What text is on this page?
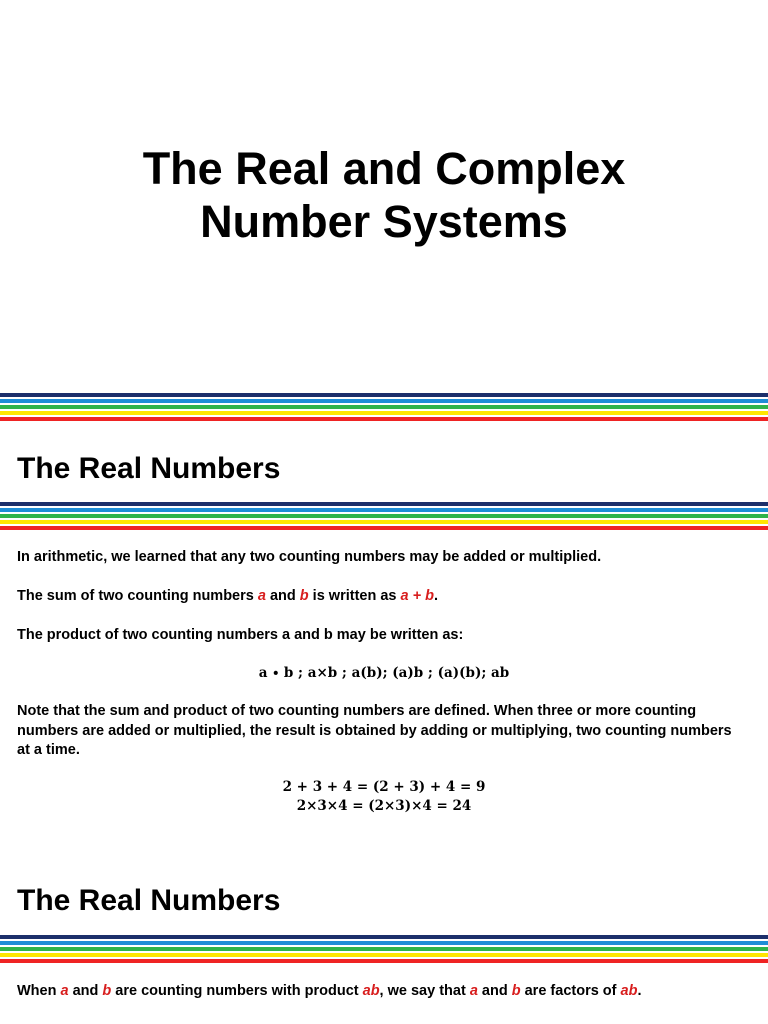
The Real and Complex
Number Systems
The Real Numbers

In arithmetic, we learned that any two counting numbers may be added or multiplied.

The sum of two counting numbers a and b is written as a + b.

The product of two counting numbers a and b may be written as:

a ∙ b ; a×b ; a(b); (a)b ; (a)(b); ab

Note that the sum and product of two counting numbers are defined. When three or more counting numbers are added or multiplied, the result is obtained by adding or multiplying, two counting numbers at a time.

2 + 3 + 4 = (2 + 3) + 4 = 9

2×3×4 = (2×3)×4 = 24

The Real Numbers

When a and b are counting numbers with product ab, we say that a and b are factors of ab.
